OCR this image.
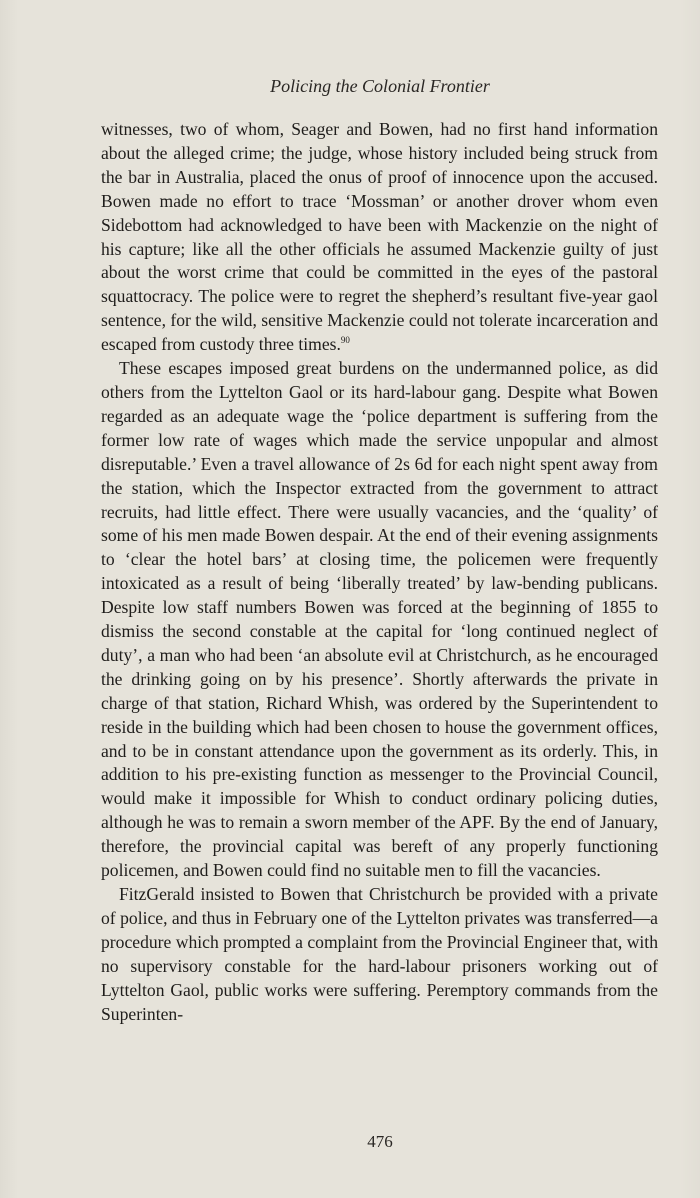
Policing the Colonial Frontier

witnesses, two of whom, Seager and Bowen, had no first hand information about the alleged crime; the judge, whose history included being struck from the bar in Australia, placed the onus of proof of innocence upon the accused. Bowen made no effort to trace ‘Mossman’ or another drover whom even Sidebottom had acknowledged to have been with Mackenzie on the night of his capture; like all the other officials he assumed Mackenzie guilty of just about the worst crime that could be committed in the eyes of the pastoral squattocracy. The police were to regret the shepherd’s resultant five-year gaol sentence, for the wild, sensitive Mackenzie could not tolerate incarceration and escaped from custody three times.$^{90}$

These escapes imposed great burdens on the undermanned police, as did others from the Lyttelton Gaol or its hard-labour gang. Despite what Bowen regarded as an adequate wage the ‘police department is suffering from the former low rate of wages which made the service unpopular and almost disreputable.’ Even a travel allowance of 2s 6d for each night spent away from the station, which the Inspector extracted from the government to attract recruits, had little effect. There were usually vacancies, and the ‘quality’ of some of his men made Bowen despair. At the end of their evening assignments to ‘clear the hotel bars’ at closing time, the policemen were frequently intoxicated as a result of being ‘liberally treated’ by law-bending publicans. Despite low staff numbers Bowen was forced at the beginning of 1855 to dismiss the second constable at the capital for ‘long continued neglect of duty’, a man who had been ‘an absolute evil at Christchurch, as he encouraged the drinking going on by his presence’. Shortly afterwards the private in charge of that station, Richard Whish, was ordered by the Superintendent to reside in the building which had been chosen to house the government offices, and to be in constant attendance upon the government as its orderly. This, in addition to his pre-existing function as messenger to the Provincial Council, would make it impossible for Whish to conduct ordinary policing duties, although he was to remain a sworn member of the APF. By the end of January, therefore, the provincial capital was bereft of any properly functioning policemen, and Bowen could find no suitable men to fill the vacancies.

FitzGerald insisted to Bowen that Christchurch be provided with a private of police, and thus in February one of the Lyttelton privates was transferred—a procedure which prompted a complaint from the Provincial Engineer that, with no supervisory constable for the hard-labour prisoners working out of Lyttelton Gaol, public works were suffering. Peremptory commands from the Superinten-

476
